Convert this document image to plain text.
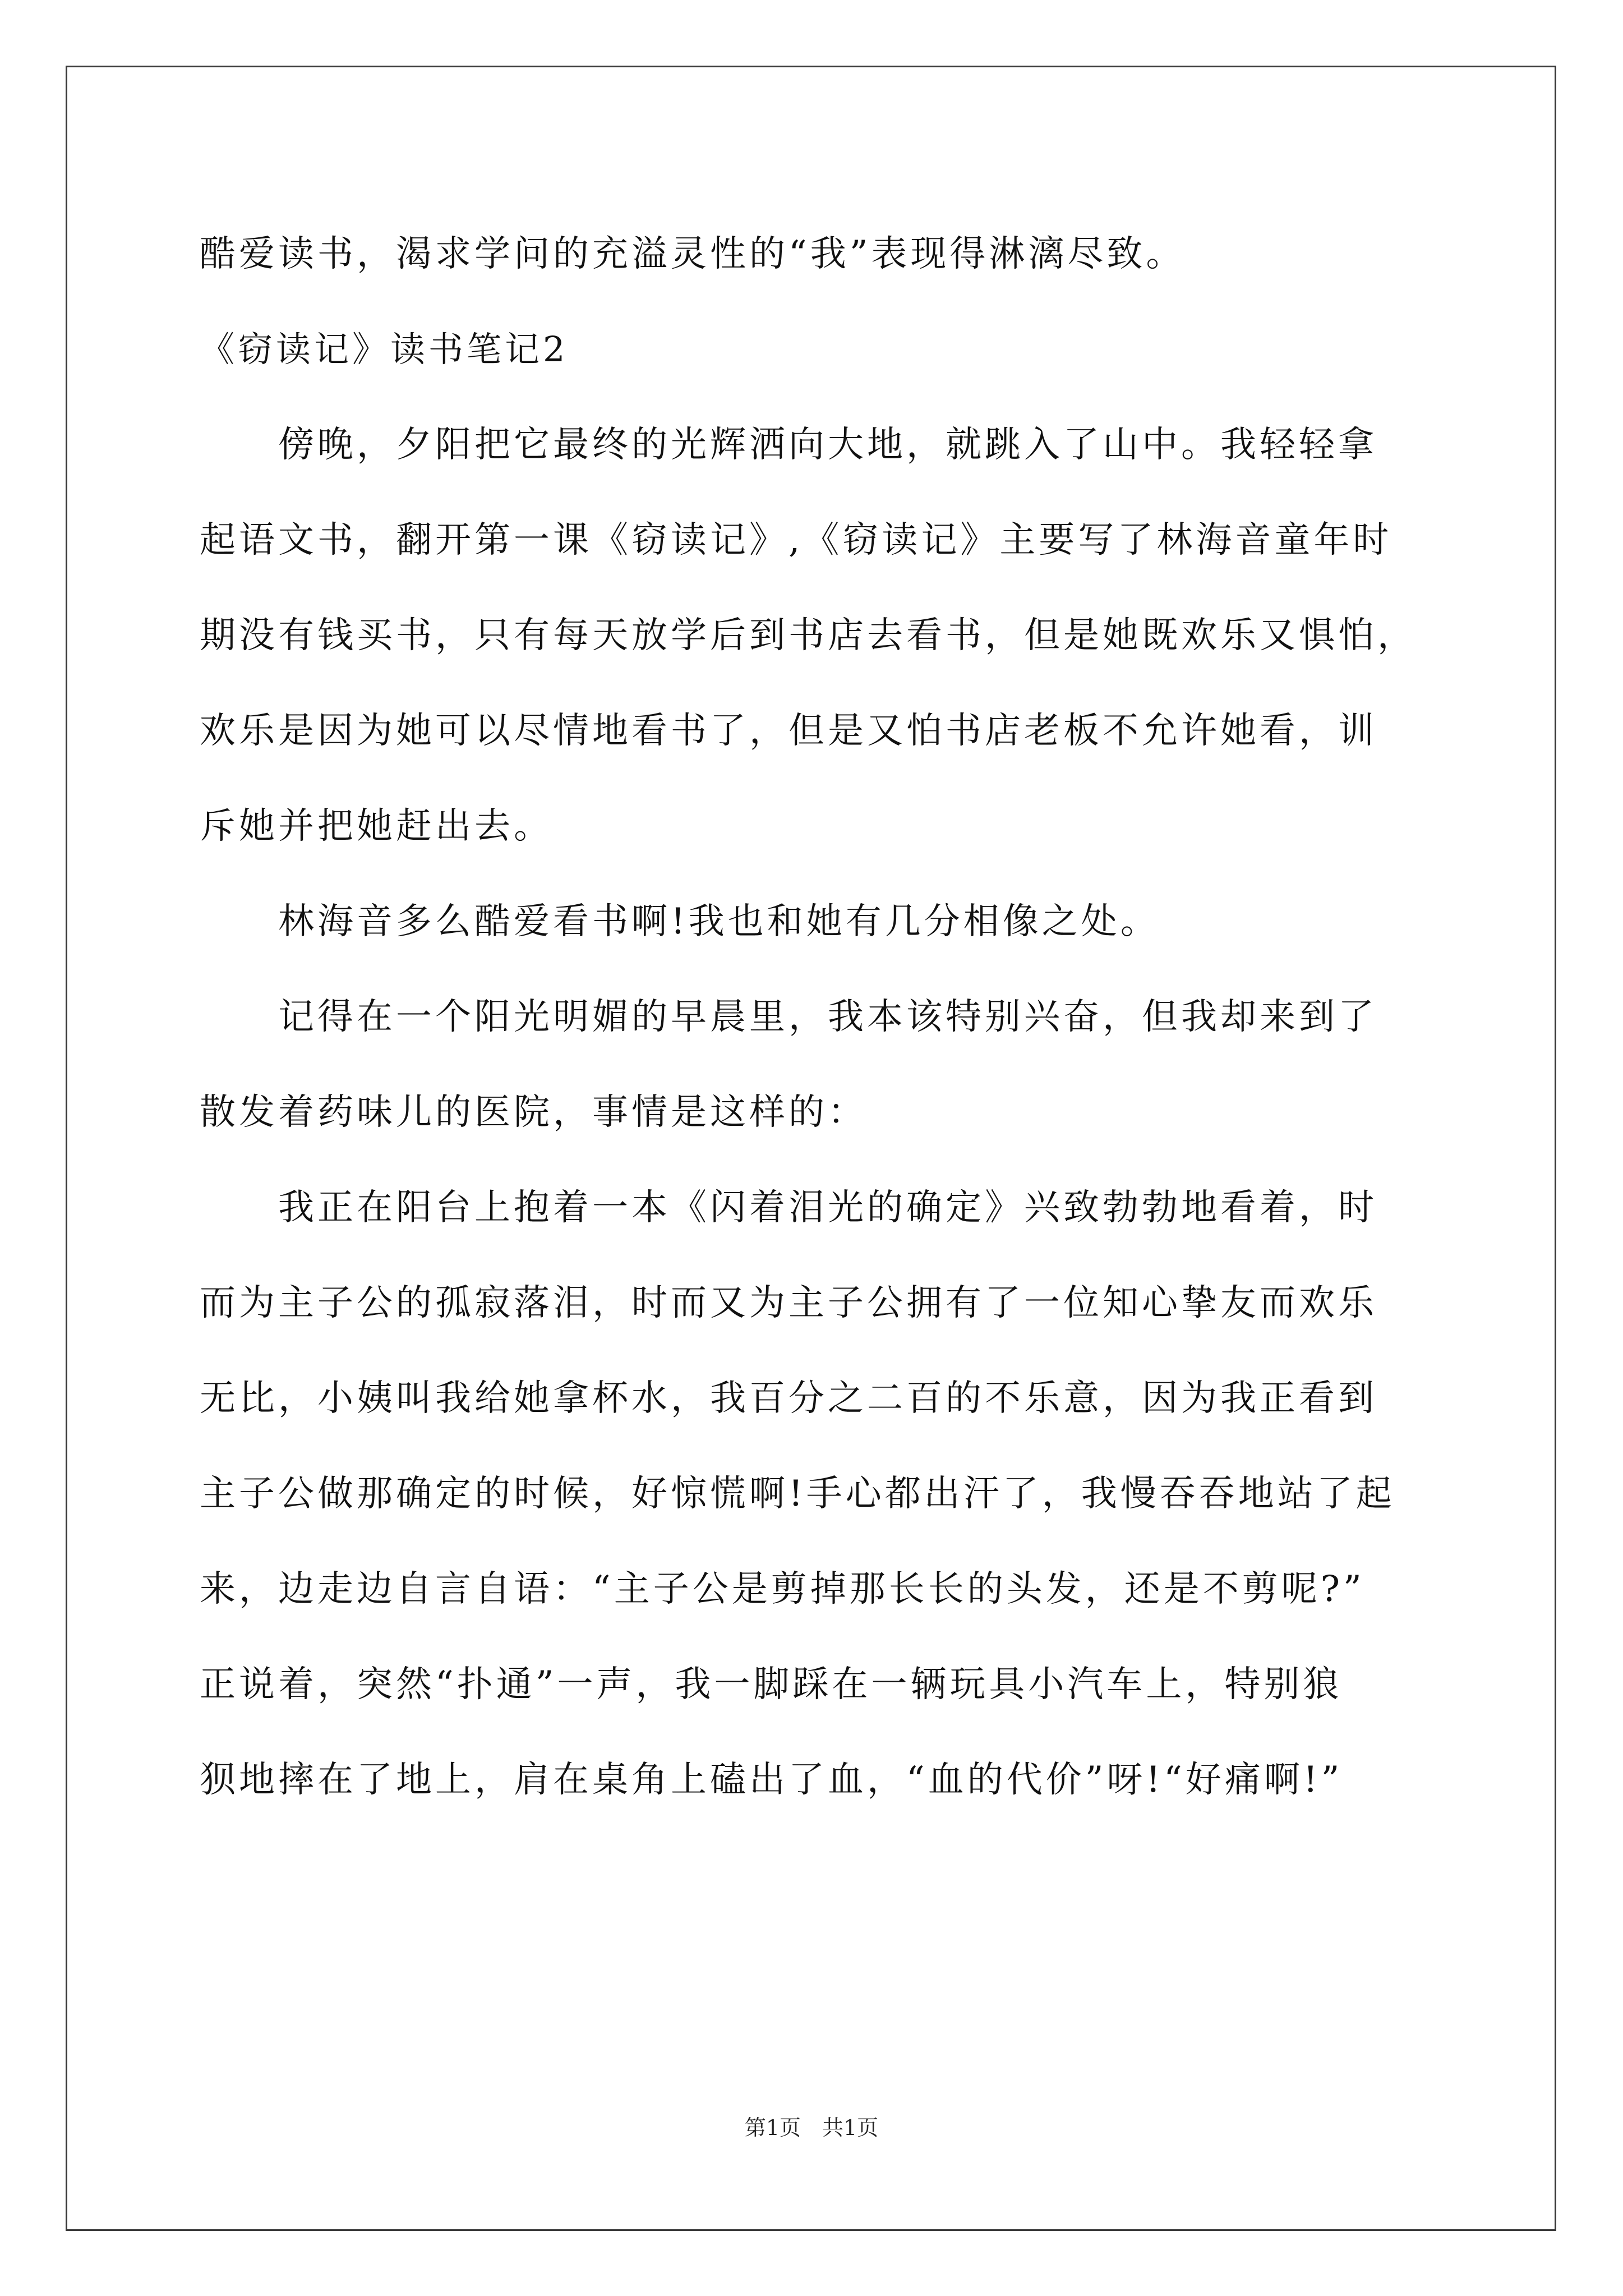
酷爱读书，渴求学问的充溢灵性的“我”表现得淋漓尽致。
《窃读记》读书笔记2
　　傍晚，夕阳把它最终的光辉洒向大地，就跳入了山中。我轻轻拿
起语文书，翻开第一课《窃读记》,《窃读记》主要写了林海音童年时
期没有钱买书，只有每天放学后到书店去看书，但是她既欢乐又惧怕，
欢乐是因为她可以尽情地看书了，但是又怕书店老板不允许她看，训
斥她并把她赶出去。
　　林海音多么酷爱看书啊!我也和她有几分相像之处。
　　记得在一个阳光明媚的早晨里，我本该特别兴奋，但我却来到了
散发着药味儿的医院，事情是这样的：
　　我正在阳台上抱着一本《闪着泪光的确定》兴致勃勃地看着，时
而为主子公的孤寂落泪，时而又为主子公拥有了一位知心挚友而欢乐
无比，小姨叫我给她拿杯水，我百分之二百的不乐意，因为我正看到
主子公做那确定的时候，好惊慌啊!手心都出汗了，我慢吞吞地站了起
来，边走边自言自语：“主子公是剪掉那长长的头发，还是不剪呢?”
正说着，突然“扑通”一声，我一脚踩在一辆玩具小汽车上，特别狼
狈地摔在了地上，肩在桌角上磕出了血，“血的代价”呀!“好痛啊!”
第1页　共1页
